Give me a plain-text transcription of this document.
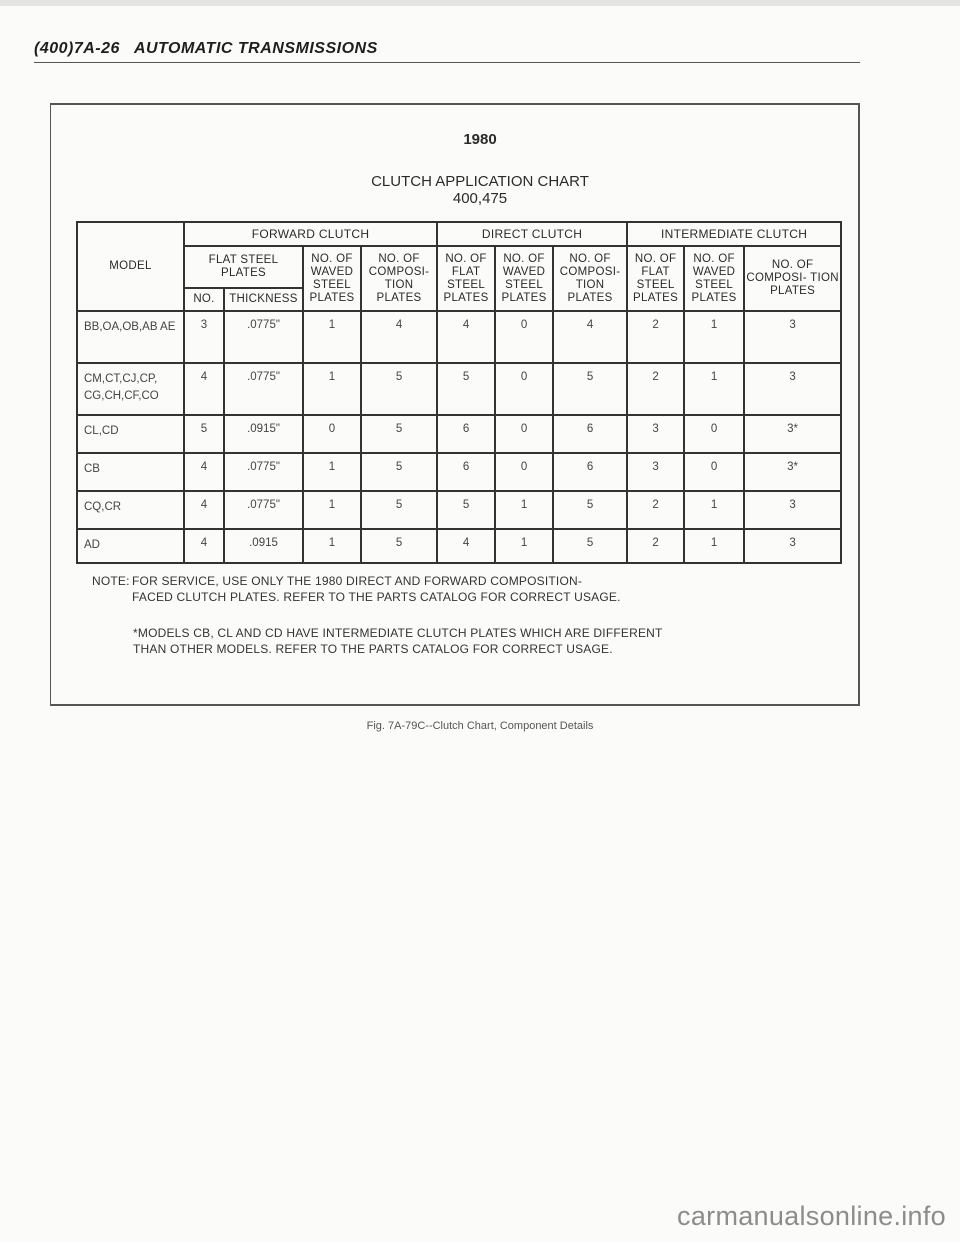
(400)7A-26 AUTOMATIC TRANSMISSIONS
1980
CLUTCH APPLICATION CHART
400,475
MODEL	FORWARD CLUTCH				DIRECT CLUTCH			INTERMEDIATE CLUTCH		
	FLAT STEEL PLATES		NO. OF WAVED STEEL PLATES	NO. OF COMPOSI- TION PLATES	NO. OF FLAT STEEL PLATES	NO. OF WAVED STEEL PLATES	NO. OF COMPOSI- TION PLATES	NO. OF FLAT STEEL PLATES	NO. OF WAVED STEEL PLATES	NO. OF COMPOSI- TION PLATES
	NO.	THICKNESS								
BB,OA,OB,AB AE	3	.0775"	1	4	4	0	4	2	1	3
CM,CT,CJ,CP, CG,CH,CF,CO	4	.0775"	1	5	5	0	5	2	1	3
CL,CD	5	.0915"	0	5	6	0	6	3	0	3*
CB	4	.0775"	1	5	6	0	6	3	0	3*
CQ,CR	4	.0775"	1	5	5	1	5	2	1	3
AD	4	.0915	1	5	4	1	5	2	1	3
NOTE: FOR SERVICE, USE ONLY THE 1980 DIRECT AND FORWARD COMPOSITION-
FACED CLUTCH PLATES. REFER TO THE PARTS CATALOG FOR CORRECT USAGE.
*MODELS CB, CL AND CD HAVE INTERMEDIATE CLUTCH PLATES WHICH ARE DIFFERENT THAN OTHER MODELS. REFER TO THE PARTS CATALOG FOR CORRECT USAGE.
Fig. 7A-79C--Clutch Chart, Component Details
carmanualsonline.info
